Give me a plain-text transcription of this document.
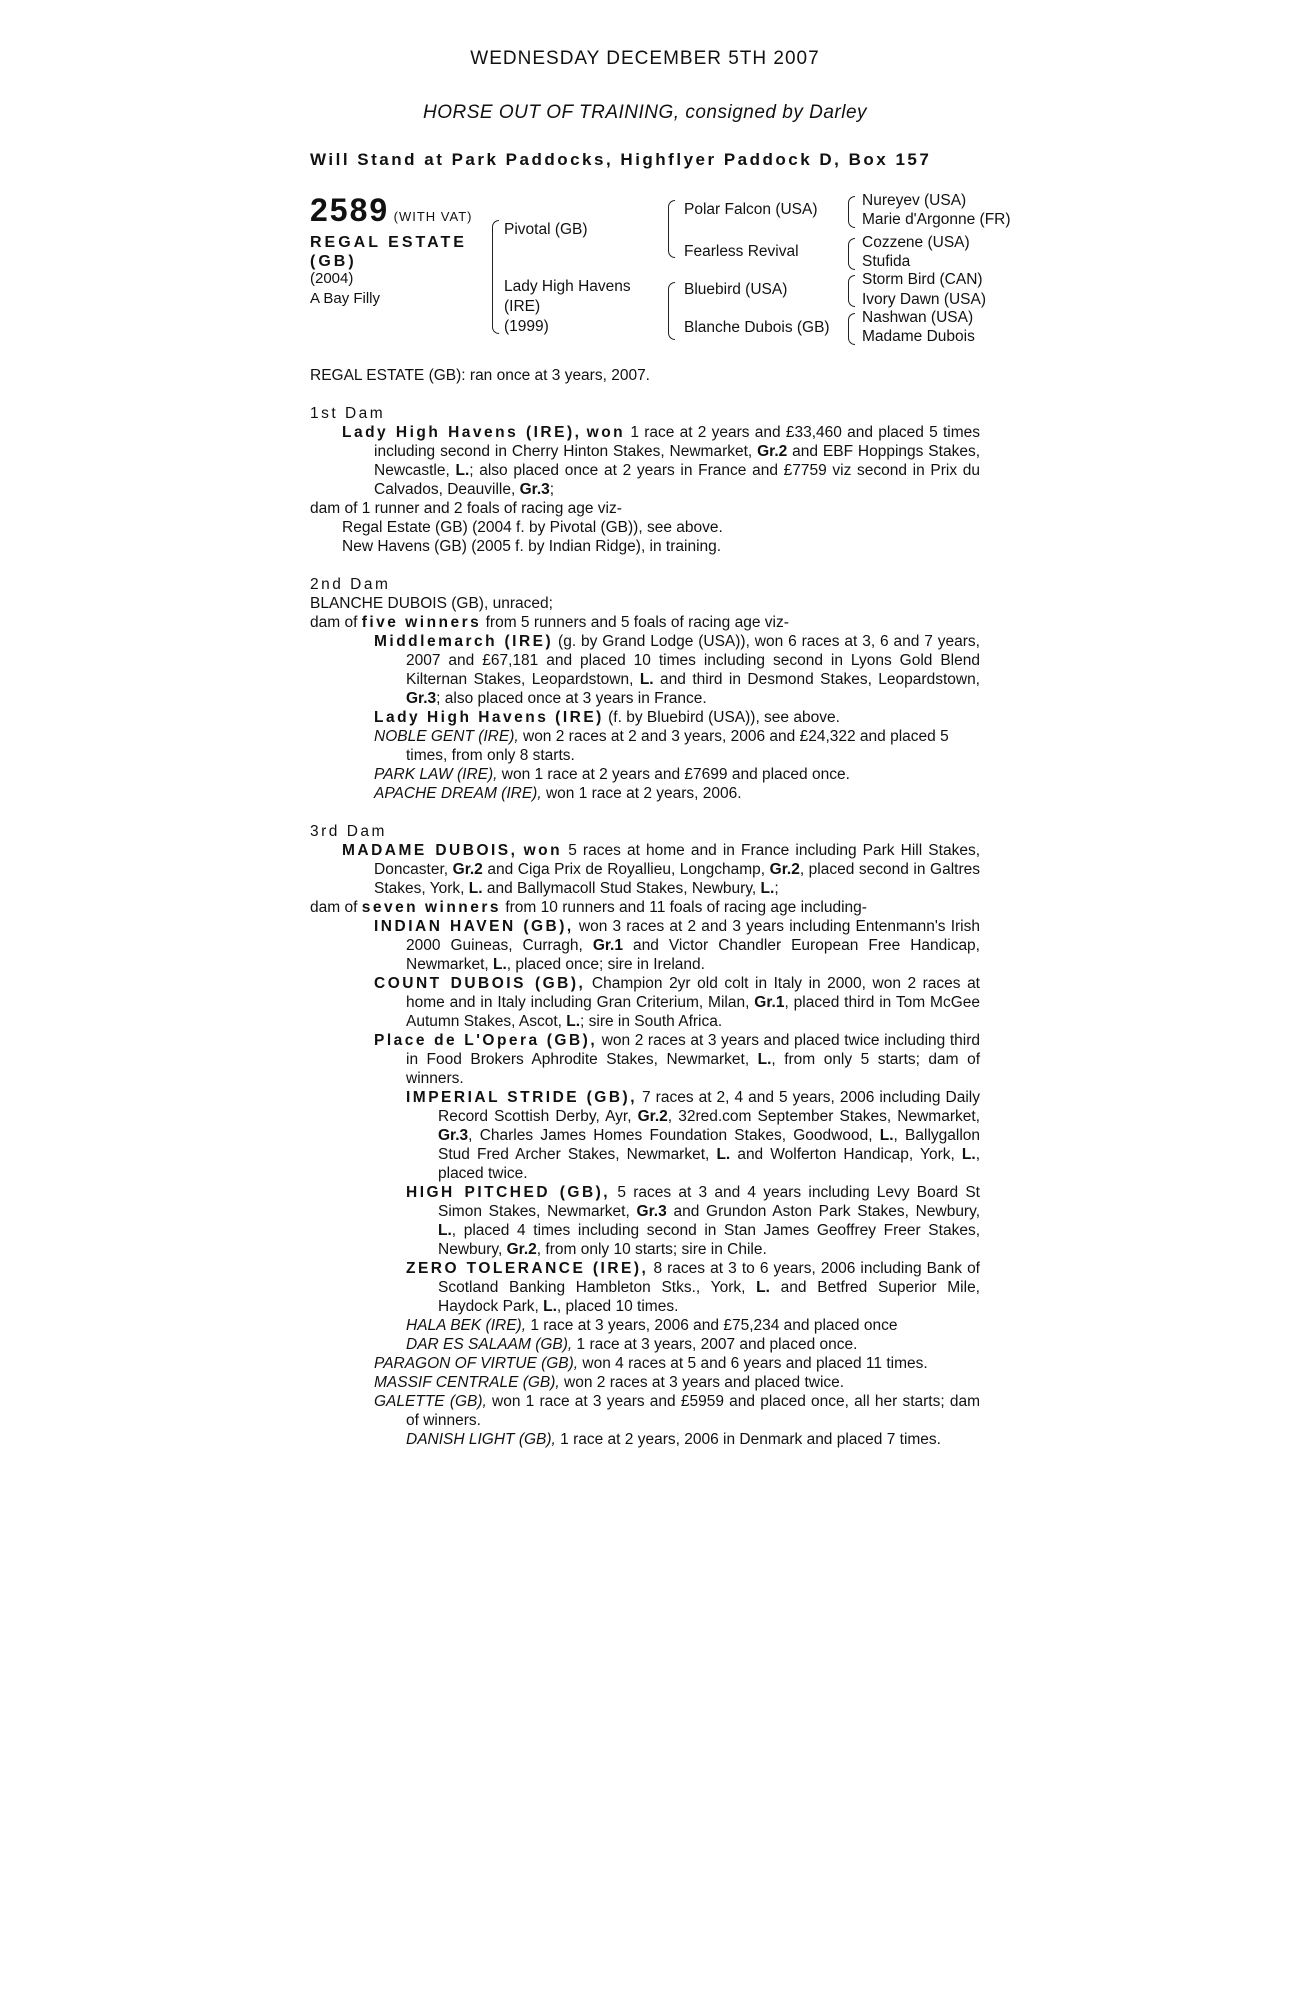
WEDNESDAY DECEMBER 5TH 2007
HORSE OUT OF TRAINING, consigned by Darley
Will Stand at Park Paddocks, Highflyer Paddock D, Box 157
2589 (WITH VAT)
REGAL ESTATE
(GB)
(2004)
A Bay Filly
Pivotal (GB)
Lady High Havens
(IRE)
(1999)
Polar Falcon (USA)
Fearless Revival
Bluebird (USA)
Blanche Dubois (GB)
Nureyev (USA)
Marie d'Argonne (FR)
Cozzene (USA)
Stufida
Storm Bird (CAN)
Ivory Dawn (USA)
Nashwan (USA)
Madame Dubois

REGAL ESTATE (GB): ran once at 3 years, 2007.

1st Dam

Lady High Havens (IRE), won 1 race at 2 years and £33,460 and placed 5 times including second in Cherry Hinton Stakes, Newmarket, Gr.2 and EBF Hoppings Stakes, Newcastle, L.; also placed once at 2 years in France and £7759 viz second in Prix du Calvados, Deauville, Gr.3;

dam of 1 runner and 2 foals of racing age viz-

Regal Estate (GB) (2004 f. by Pivotal (GB)), see above.

New Havens (GB) (2005 f. by Indian Ridge), in training.

2nd Dam

BLANCHE DUBOIS (GB), unraced;

dam of five winners from 5 runners and 5 foals of racing age viz-

Middlemarch (IRE) (g. by Grand Lodge (USA)), won 6 races at 3, 6 and 7 years, 2007 and £67,181 and placed 10 times including second in Lyons Gold Blend Kilternan Stakes, Leopardstown, L. and third in Desmond Stakes, Leopardstown, Gr.3; also placed once at 3 years in France.

Lady High Havens (IRE) (f. by Bluebird (USA)), see above.

NOBLE GENT (IRE), won 2 races at 2 and 3 years, 2006 and £24,322 and placed 5 times, from only 8 starts.

PARK LAW (IRE), won 1 race at 2 years and £7699 and placed once.

APACHE DREAM (IRE), won 1 race at 2 years, 2006.

3rd Dam

MADAME DUBOIS, won 5 races at home and in France including Park Hill Stakes, Doncaster, Gr.2 and Ciga Prix de Royallieu, Longchamp, Gr.2, placed second in Galtres Stakes, York, L. and Ballymacoll Stud Stakes, Newbury, L.;

dam of seven winners from 10 runners and 11 foals of racing age including-

INDIAN HAVEN (GB), won 3 races at 2 and 3 years including Entenmann's Irish 2000 Guineas, Curragh, Gr.1 and Victor Chandler European Free Handicap, Newmarket, L., placed once; sire in Ireland.

COUNT DUBOIS (GB), Champion 2yr old colt in Italy in 2000, won 2 races at home and in Italy including Gran Criterium, Milan, Gr.1, placed third in Tom McGee Autumn Stakes, Ascot, L.; sire in South Africa.

Place de L'Opera (GB), won 2 races at 3 years and placed twice including third in Food Brokers Aphrodite Stakes, Newmarket, L., from only 5 starts; dam of winners.

IMPERIAL STRIDE (GB), 7 races at 2, 4 and 5 years, 2006 including Daily Record Scottish Derby, Ayr, Gr.2, 32red.com September Stakes, Newmarket, Gr.3, Charles James Homes Foundation Stakes, Goodwood, L., Ballygallon Stud Fred Archer Stakes, Newmarket, L. and Wolferton Handicap, York, L., placed twice.

HIGH PITCHED (GB), 5 races at 3 and 4 years including Levy Board St Simon Stakes, Newmarket, Gr.3 and Grundon Aston Park Stakes, Newbury, L., placed 4 times including second in Stan James Geoffrey Freer Stakes, Newbury, Gr.2, from only 10 starts; sire in Chile.

ZERO TOLERANCE (IRE), 8 races at 3 to 6 years, 2006 including Bank of Scotland Banking Hambleton Stks., York, L. and Betfred Superior Mile, Haydock Park, L., placed 10 times.

HALA BEK (IRE), 1 race at 3 years, 2006 and £75,234 and placed once

DAR ES SALAAM (GB), 1 race at 3 years, 2007 and placed once.

PARAGON OF VIRTUE (GB), won 4 races at 5 and 6 years and placed 11 times.

MASSIF CENTRALE (GB), won 2 races at 3 years and placed twice.

GALETTE (GB), won 1 race at 3 years and £5959 and placed once, all her starts; dam of winners.

DANISH LIGHT (GB), 1 race at 2 years, 2006 in Denmark and placed 7 times.
